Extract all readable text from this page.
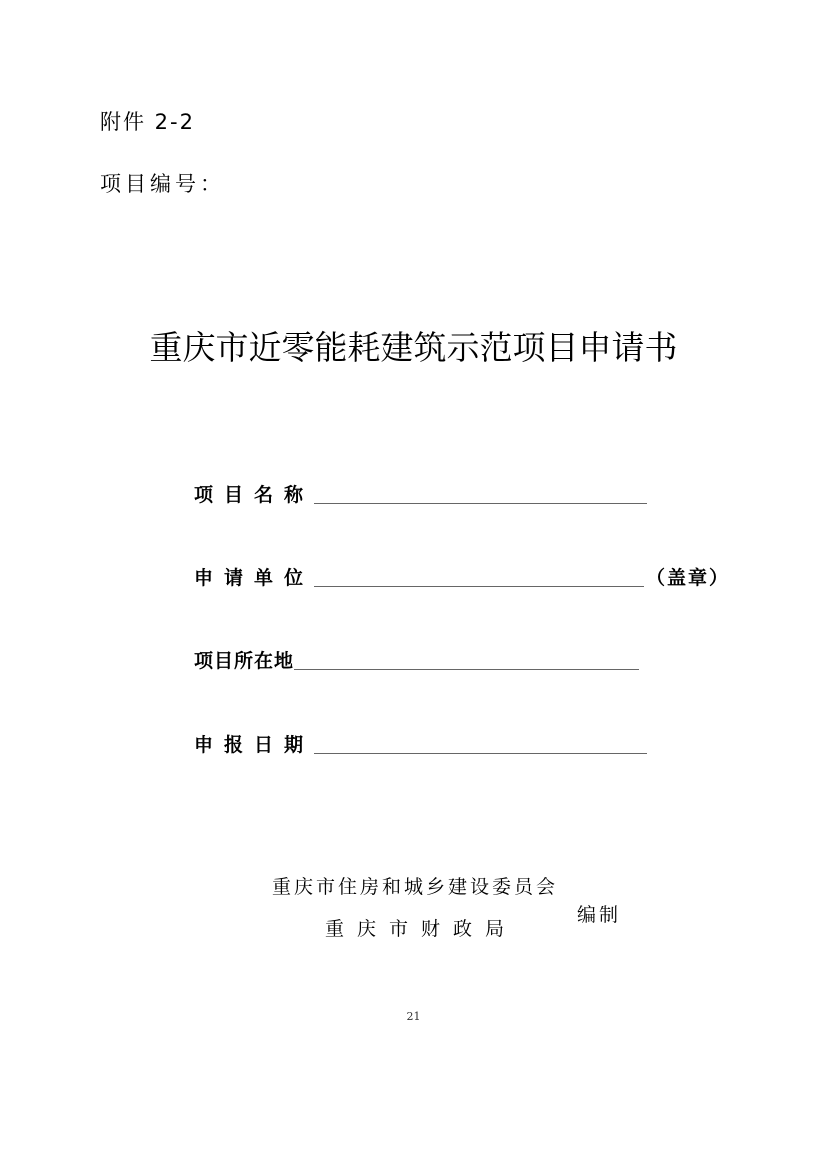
附件 2-2
项目编号：
重庆市近零能耗建筑示范项目申请书
项目名称
申请单位	（盖章）
项目所在地
申报日期
重庆市住房和城乡建设委员会
重庆市财政局
编制
21
